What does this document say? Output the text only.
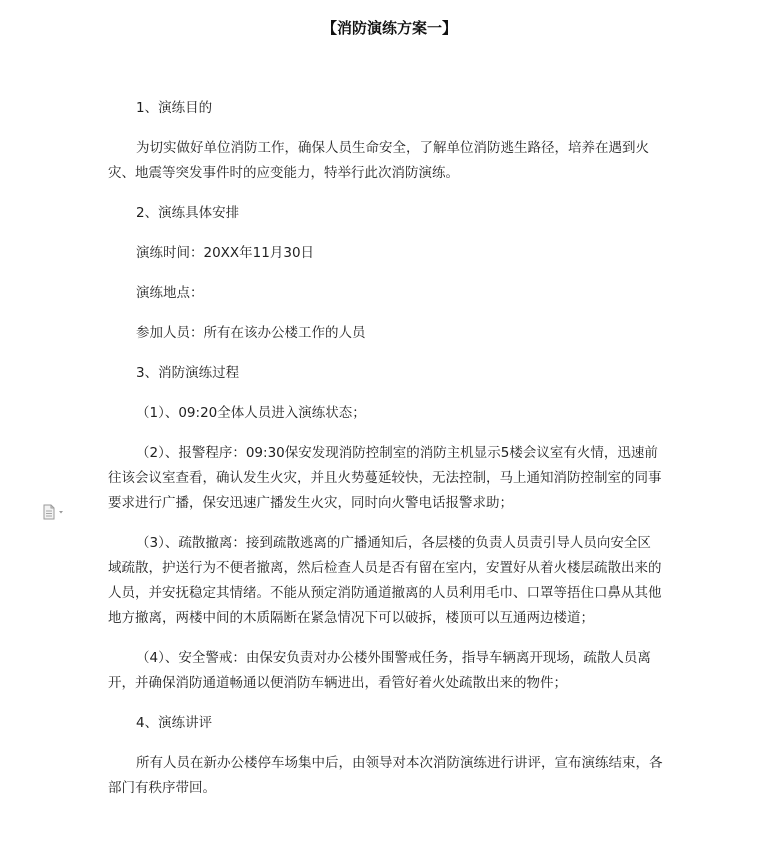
【消防演练方案一】

1、演练目的

为切实做好单位消防工作，确保人员生命安全，了解单位消防逃生路径，培养在遇到火灾、地震等突发事件时的应变能力，特举行此次消防演练。

2、演练具体安排

演练时间：20XX年11月30日

演练地点：

参加人员：所有在该办公楼工作的人员

3、消防演练过程

（1）、09:20全体人员进入演练状态；

（2）、报警程序：09:30保安发现消防控制室的消防主机显示5楼会议室有火情，迅速前往该会议室查看，确认发生火灾，并且火势蔓延较快，无法控制，马上通知消防控制室的同事要求进行广播，保安迅速广播发生火灾，同时向火警电话报警求助；

（3）、疏散撤离：接到疏散逃离的广播通知后，各层楼的负责人员责引导人员向安全区域疏散，护送行为不便者撤离，然后检查人员是否有留在室内，安置好从着火楼层疏散出来的人员，并安抚稳定其情绪。不能从预定消防通道撤离的人员利用毛巾、口罩等捂住口鼻从其他地方撤离，两楼中间的木质隔断在紧急情况下可以破拆，楼顶可以互通两边楼道；

（4）、安全警戒：由保安负责对办公楼外围警戒任务，指导车辆离开现场，疏散人员离开，并确保消防通道畅通以便消防车辆进出，看管好着火处疏散出来的物件；

4、演练讲评

所有人员在新办公楼停车场集中后，由领导对本次消防演练进行讲评，宣布演练结束，各部门有秩序带回。
